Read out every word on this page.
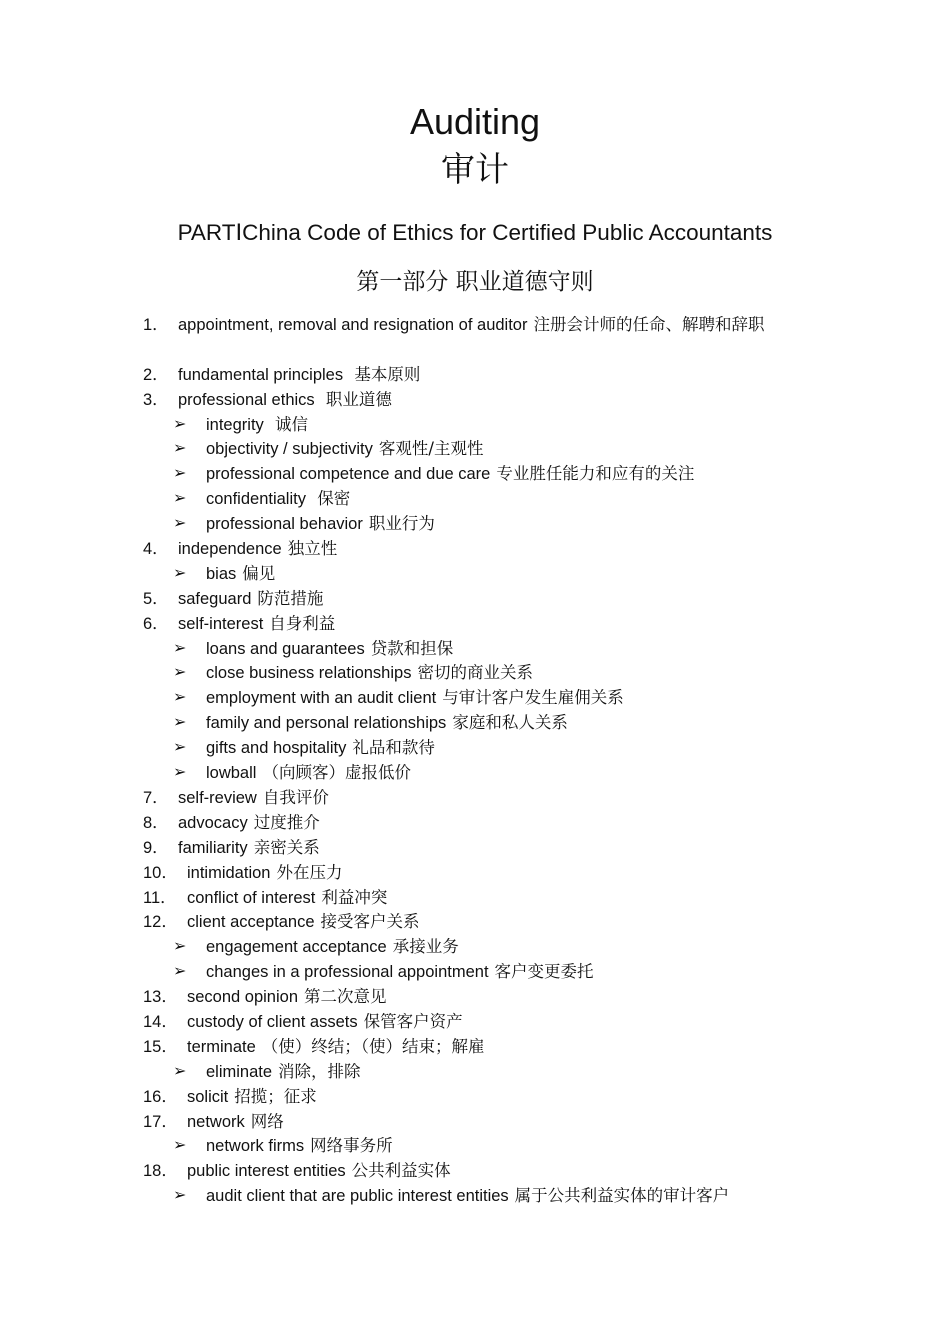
Auditing
审计
PARTⅠChina Code of Ethics for Certified Public Accountants
第一部分 职业道德守则
1． appointment, removal and resignation of auditor 注册会计师的任命、解聘和辞职
2． fundamental principles 基本原则
3． professional ethics 职业道德
➢ integrity 诚信
➢ objectivity / subjectivity 客观性/主观性
➢ professional competence and due care 专业胜任能力和应有的关注
➢ confidentiality 保密
➢ professional behavior 职业行为
4． independence 独立性
➢ bias 偏见
5． safeguard 防范措施
6． self-interest 自身利益
➢ loans and guarantees 贷款和担保
➢ close business relationships 密切的商业关系
➢ employment with an audit client 与审计客户发生雇佣关系
➢ family and personal relationships 家庭和私人关系
➢ gifts and hospitality 礼品和款待
➢ lowball （向顾客）虚报低价
7． self-review 自我评价
8． advocacy 过度推介
9． familiarity 亲密关系
10． intimidation 外在压力
11． conflict of interest 利益冲突
12． client acceptance 接受客户关系
➢ engagement acceptance 承接业务
➢ changes in a professional appointment 客户变更委托
13． second opinion 第二次意见
14． custody of client assets 保管客户资产
15． terminate （使）终结；（使）结束；解雇
➢ eliminate 消除，排除
16． solicit 招揽；征求
17． network 网络
➢ network firms 网络事务所
18． public interest entities 公共利益实体
➢ audit client that are public interest entities 属于公共利益实体的审计客户
